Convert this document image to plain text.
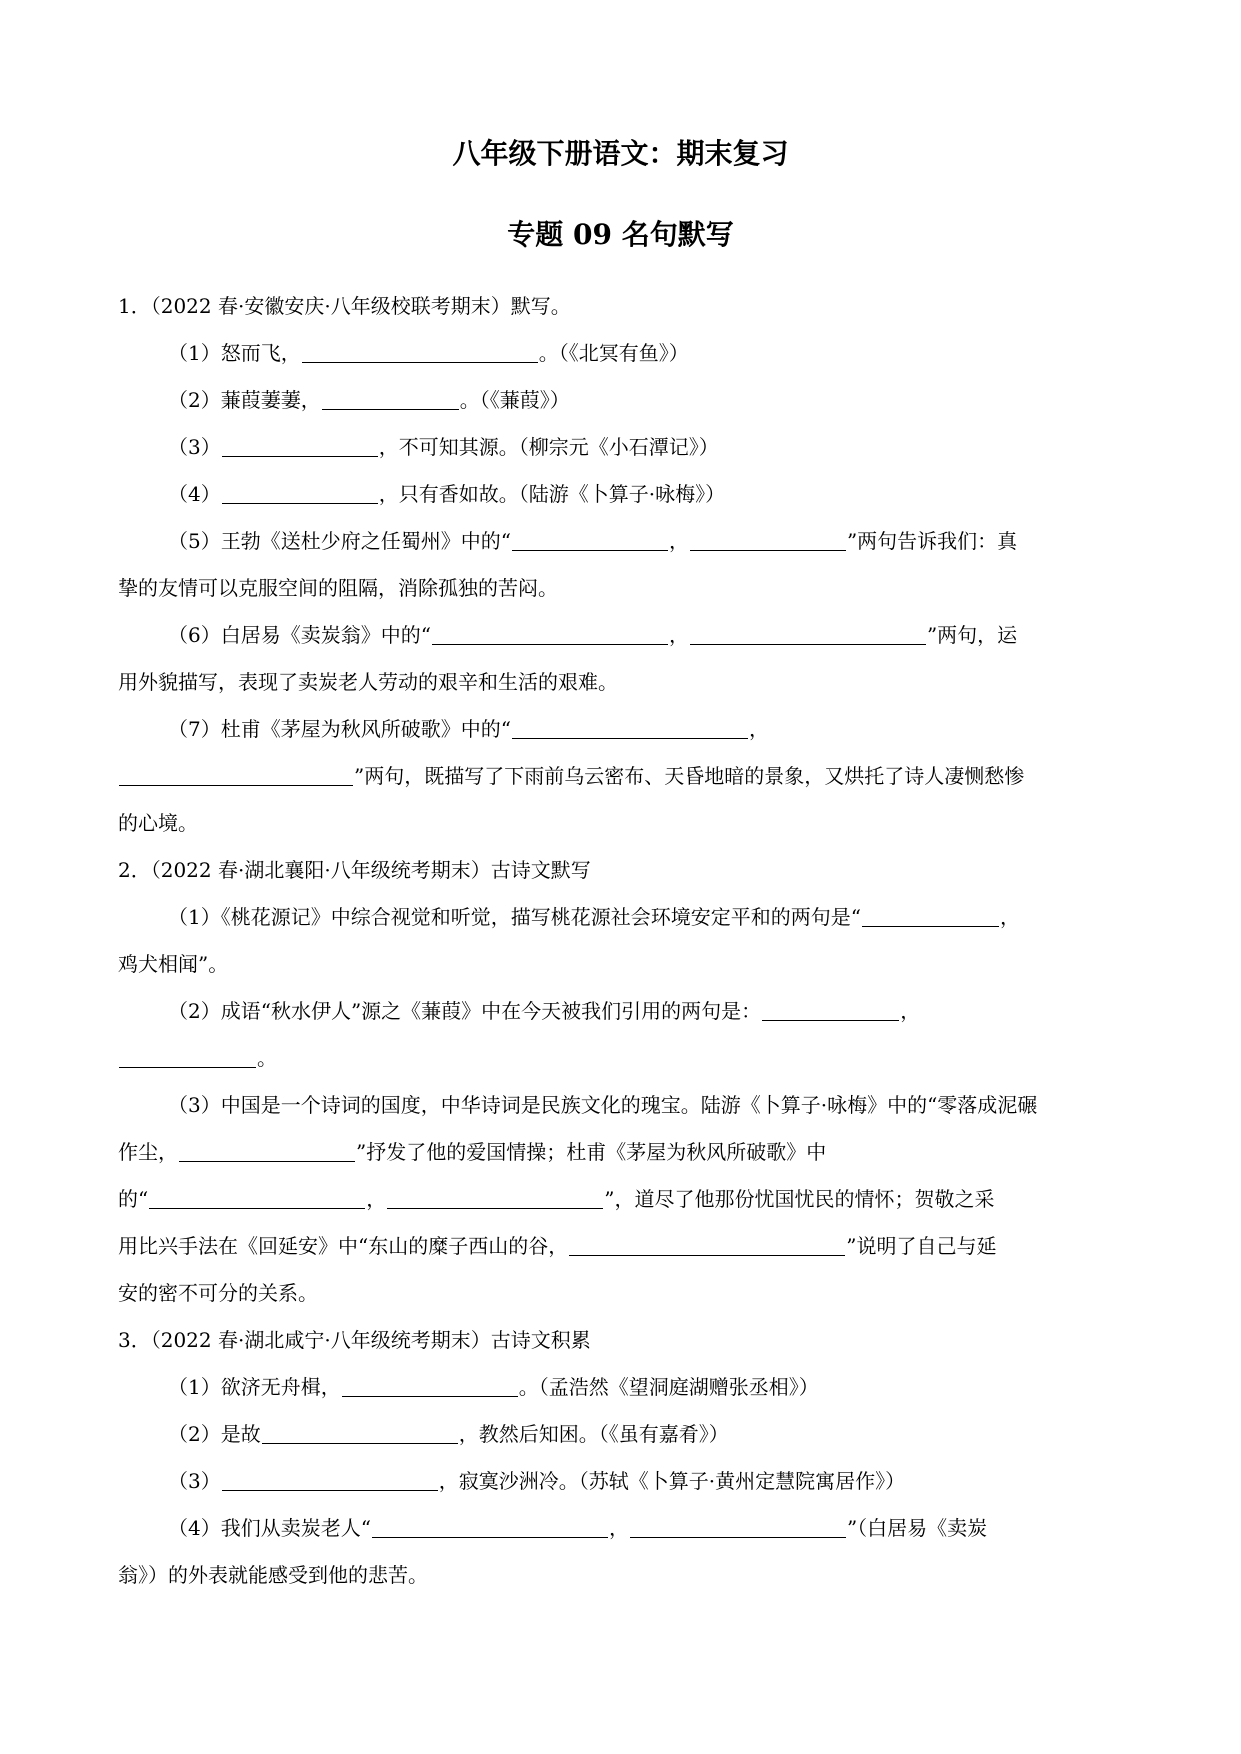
八年级下册语文：期末复习
专题 09 名句默写
1．（2022 春·安徽安庆·八年级校联考期末）默写。
（1）怒而飞，	。（《北冥有鱼》）
（2）蒹葭萋萋，	。（《蒹葭》）
（3）	，不可知其源。（柳宗元《小石潭记》）
（4）	，只有香如故。（陆游《卜算子·咏梅》）
（5）王勃《送杜少府之任蜀州》中的“	，	”两句告诉我们：真
挚的友情可以克服空间的阻隔，消除孤独的苦闷。
（6）白居易《卖炭翁》中的“	，	”两句，运
用外貌描写，表现了卖炭老人劳动的艰辛和生活的艰难。
（7）杜甫《茅屋为秋风所破歌》中的“	，
”两句，既描写了下雨前乌云密布、天昏地暗的景象，又烘托了诗人凄恻愁惨
的心境。
2．（2022 春·湖北襄阳·八年级统考期末）古诗文默写
（1）《桃花源记》中综合视觉和听觉，描写桃花源社会环境安定平和的两句是“	，
鸡犬相闻”。
（2）成语“秋水伊人”源之《蒹葭》中在今天被我们引用的两句是：	，
。
（3）中国是一个诗词的国度，中华诗词是民族文化的瑰宝。陆游《卜算子·咏梅》中的“零落成泥碾
作尘，	”抒发了他的爱国情操；杜甫《茅屋为秋风所破歌》中
的“	，	”，道尽了他那份忧国忧民的情怀；贺敬之采
用比兴手法在《回延安》中“东山的糜子西山的谷，	”说明了自己与延
安的密不可分的关系。
3．（2022 春·湖北咸宁·八年级统考期末）古诗文积累
（1）欲济无舟楫，	。（孟浩然《望洞庭湖赠张丞相》）
（2）是故	，教然后知困。（《虽有嘉肴》）
（3）	，寂寞沙洲冷。（苏轼《卜算子·黄州定慧院寓居作》）
（4）我们从卖炭老人“	，	”（白居易《卖炭
翁》）的外表就能感受到他的悲苦。
